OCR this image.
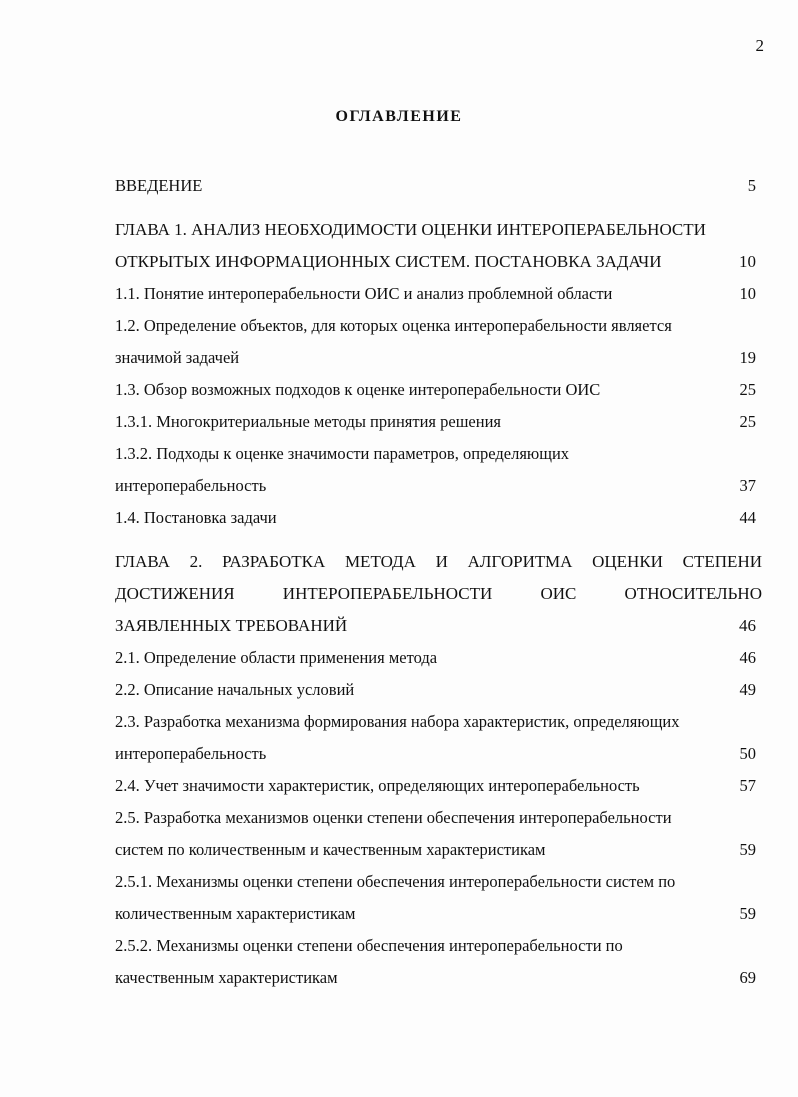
2
ОГЛАВЛЕНИЕ
ВВЕДЕНИЕ	5
ГЛАВА 1. АНАЛИЗ НЕОБХОДИМОСТИ ОЦЕНКИ ИНТЕРОПЕРАБЕЛЬНОСТИ
ОТКРЫТЫХ ИНФОРМАЦИОННЫХ СИСТЕМ. ПОСТАНОВКА ЗАДАЧИ	10
1.1. Понятие интероперабельности ОИС и анализ проблемной области	10
1.2. Определение объектов, для которых оценка интероперабельности является
значимой задачей	19
1.3. Обзор возможных подходов к оценке интероперабельности ОИС	25
1.3.1. Многокритериальные методы принятия решения	25
1.3.2. Подходы к оценке значимости параметров, определяющих
интероперабельность	37
1.4. Постановка задачи	44
ГЛАВА 2. РАЗРАБОТКА МЕТОДА И АЛГОРИТМА ОЦЕНКИ СТЕПЕНИ
ДОСТИЖЕНИЯ ИНТЕРОПЕРАБЕЛЬНОСТИ ОИС ОТНОСИТЕЛЬНО
ЗАЯВЛЕННЫХ ТРЕБОВАНИЙ	46
2.1. Определение области применения метода	46
2.2. Описание начальных условий	49
2.3. Разработка механизма формирования набора характеристик, определяющих
интероперабельность	50
2.4. Учет значимости характеристик, определяющих интероперабельность	57
2.5. Разработка механизмов оценки степени обеспечения интероперабельности
систем по количественным и качественным характеристикам	59
2.5.1. Механизмы оценки степени обеспечения интероперабельности систем по
количественным характеристикам	59
2.5.2. Механизмы оценки степени обеспечения интероперабельности по
качественным характеристикам	69
